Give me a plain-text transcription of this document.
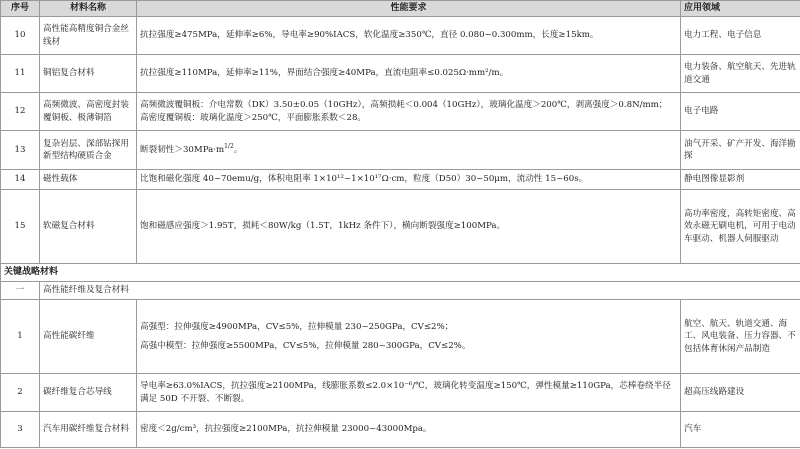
序号	材料名称	性能要求	应用领域
10	高性能高精度铜合金丝线材	抗拉强度≥475MPa，延伸率≥6%，导电率≥90%IACS，软化温度≥350℃，直径 0.080~0.300mm，长度≥15km。	电力工程、电子信息
11	铜铝复合材料	抗拉强度≥110MPa，延伸率≥11%，界面结合强度≥40MPa，直流电阻率≤0.025Ω·mm²/m。	电力装备、航空航天、先进轨道交通
12	高频微波、高密度封装覆铜板、极薄铜箔	高频微波覆铜板：介电常数（DK）3.50±0.05（10GHz），高频损耗＜0.004（10GHz），玻璃化温度＞200℃，剥离强度＞0.8N/mm；
高密度覆铜板：玻璃化温度＞250℃，平面膨胀系数＜28。	电子电路
13	复杂岩层、深部钻探用新型结构硬质合金	断裂韧性$>30MPa\cdot m^{1/2}$。	油气开采、矿产开发、海洋勘探
14	磁性载体	比饱和磁化强度 40~70emu/g，体积电阻率 1×10¹²~1×10¹⁷Ω·cm，粒度（D50）30~50μm，流动性 15~60s。	静电图像显影剂
15	软磁复合材料	饱和磁感应强度＞1.95T，损耗＜80W/kg（1.5T，1kHz 条件下），横向断裂强度≥100MPa。	高功率密度，高转矩密度、高效永磁无刷电机，可用于电动车驱动、机器人伺服驱动
关键战略材料			
一	高性能纤维及复合材料		
1	高性能碳纤维	高强型：拉伸强度≥4900MPa，CV≤5%，拉伸模量 230~250GPa，CV≤2%；
高强中模型：拉伸强度≥5500MPa，CV≤5%，拉伸模量 280~300GPa，CV≤2%。	航空、航天、轨道交通、海工、风电装备、压力容器、不包括体育休闲产品制造
2	碳纤维复合芯导线	导电率≥63.0%IACS，抗拉强度≥2100MPa，线膨胀系数≤2.0×10⁻⁶/℃，玻璃化转变温度≥150℃，弹性模量≥110GPa，芯棒卷绕半径满足 50D 不开裂、不断裂。	超高压线路建设
3	汽车用碳纤维复合材料	密度＜2g/cm³，抗拉强度≥2100MPa，抗拉伸模量 23000~43000Mpa。	汽车
